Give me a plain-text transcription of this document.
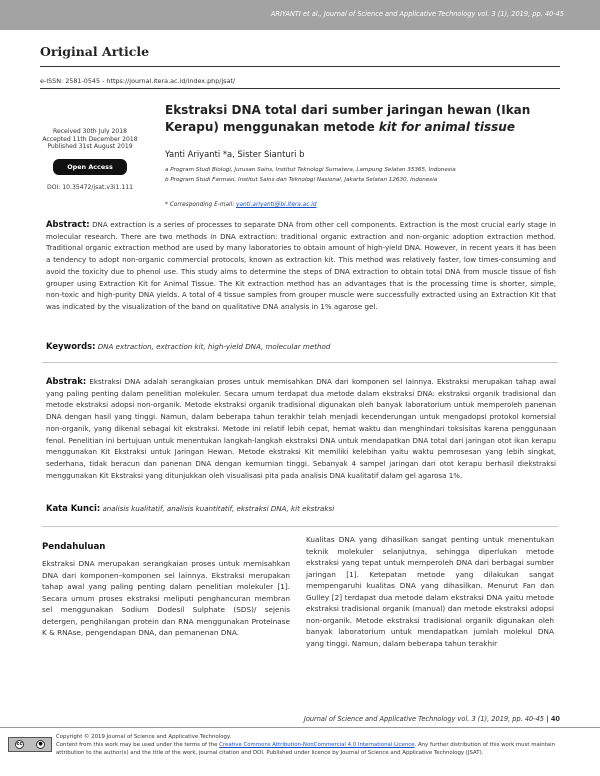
ARIYANTI et al., Journal of Science and Applicative Technology vol. 3 (1), 2019, pp. 40-45
Original Article
e-ISSN: 2581-0545 - https://journal.itera.ac.id/index.php/jsat/
Received 30th July 2018
Accepted 11th December 2018
Published 31st August 2019
Open Access
DOI: 10.35472/jsat.v3i1.111
Ekstraksi DNA total dari sumber jaringan hewan (Ikan
Kerapu) menggunakan metode kit for animal tissue
Yanti Ariyanti *a, Sister Sianturi b
a Program Studi Biologi, Jurusan Sains, Institut Teknologi Sumatera, Lampung Selatan 35365, Indonesia
b Program Studi Farmasi, Institut Sains dan Teknologi Nasional, Jakarta Selatan 12630, Indonesia
* Corresponding E-mail: yanti.ariyanti@bi.itera.ac.id
Abstract: DNA extraction is a series of processes to separate DNA from other cell components. Extraction is the most crucial early stage in molecular research. There are two methods in DNA extraction: traditional organic extraction and non-organic adoption extraction method. Traditional organic extraction method are used by many laboratories to obtain amount of high-yield DNA. However, in recent years it has been a tendency to adopt non-organic commercial protocols, known as extraction kit. This method was relatively faster, low times-consuming and avoid the toxicity due to phenol use. This study aims to determine the steps of DNA extraction to obtain total DNA from muscle tissue of fish grouper using Extraction Kit for Animal Tissue. The Kit extraction method has an advantages that is the processing time is shorter, simple, non-toxic and high-purity DNA yields. A total of 4 tissue samples from grouper muscle were successfully extracted using an Extraction Kit that was indicated by the visualization of the band on qualitative DNA analysis in 1% agarose gel.
Keywords: DNA extraction, extraction kit, high-yield DNA, molecular method
Abstrak: Ekstraksi DNA adalah serangkaian proses untuk memisahkan DNA dari komponen sel lainnya. Ekstraksi merupakan tahap awal yang paling penting dalam penelitian molekuler. Secara umum terdapat dua metode dalam ekstraksi DNA: ekstraksi organik tradisional dan metode ekstraksi adopsi non-organik. Metode ekstraksi organik tradisional digunakan oleh banyak laboratorium untuk memperoleh panenan DNA dengan hasil yang tinggi. Namun, dalam beberapa tahun terakhir telah menjadi kecenderungan untuk mengadopsi protokol komersial non-organik, yang dikenal sebagai kit ekstraksi. Metode ini relatif lebih cepat, hemat waktu dan menghindari toksisitas karena penggunaan fenol. Penelitian ini bertujuan untuk menentukan langkah-langkah ekstraksi DNA untuk mendapatkan DNA total dari jaringan otot ikan kerapu menggunakan Kit Ekstraksi untuk Jaringan Hewan. Metode ekstraksi Kit memiliki kelebihan yaitu waktu pemrosesan yang lebih singkat, sederhana, tidak beracun dan panenan DNA dengan kemurnian tinggi. Sebanyak 4 sampel jaringan dari otot kerapu berhasil diekstraksi menggunakan Kit Ekstraksi yang ditunjukkan oleh visualisasi pita pada analisis DNA kualitatif dalam gel agarosa 1%.
Kata Kunci: analisis kualitatif, analisis kuantitatif, ekstraksi DNA, kit ekstraksi
Pendahuluan
Ekstraksi DNA merupakan serangkaian proses untuk memisahkan DNA dari komponen–komponen sel lainnya. Ekstraksi merupakan tahap awal yang paling penting dalam penelitian molekuler [1]. Secara umum proses ekstraksi meliputi penghancuran membran sel menggunakan Sodium Dodesil Sulphate (SDS)/ sejenis detergen, penghilangan protein dan RNA menggunakan Proteinase K & RNAse, pengendapan DNA, dan pemanenan DNA.
Kualitas DNA yang dihasilkan sangat penting untuk menentukan teknik molekuler selanjutnya, sehingga diperlukan metode ekstraksi yang tepat untuk memperoleh DNA dari berbagai sumber jaringan [1]. Ketepatan metode yang dilakukan sangat mempengaruhi kualitas DNA yang dihasilkan. Menurut Fan dan Gulley [2] terdapat dua metode dalam ekstraksi DNA yaitu metode ekstraksi tradisional organik (manual) dan metode ekstraksi adopsi non-organik. Metode ekstraksi tradisional organik digunakan oleh banyak laboratorium untuk mendapatkan jumlah molekul DNA yang tinggi. Namun, dalam beberapa tahun terakhir
Journal of Science and Applicative Technology vol. 3 (1), 2019, pp. 40-45 | 40
cc	●
Copyright © 2019 Journal of Science and Applicative Technology.
Content from this work may be used under the terms of the Creative Commons Attribution-NonCommercial 4.0 International Licence. Any further distribution of this work must maintain attribution to the author(s) and the title of the work, journal citation and DOI. Published under licence by Journal of Science and Applicative Technology (JSAT).
